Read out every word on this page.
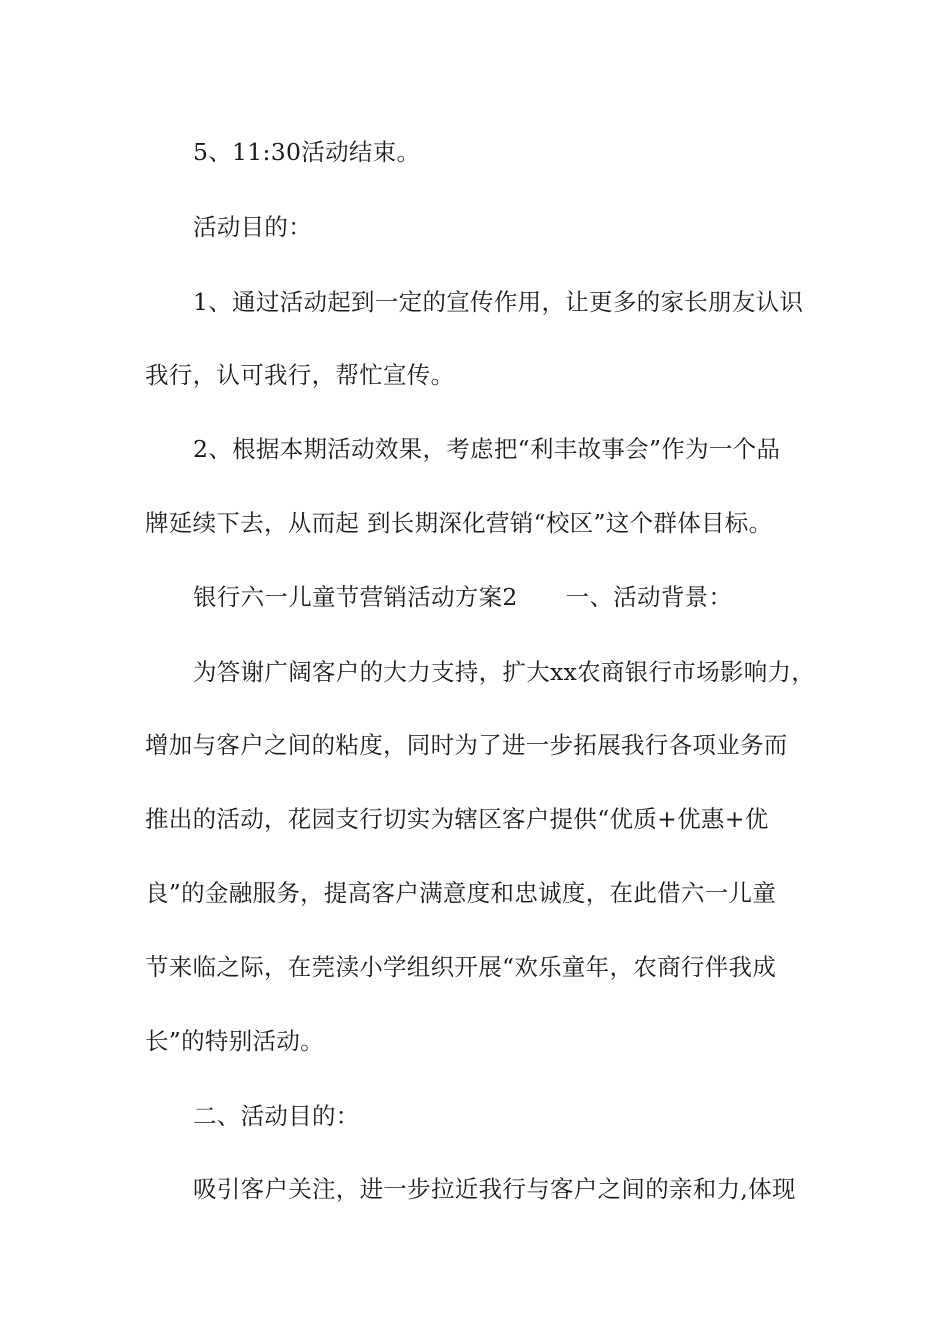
5、11:30活动结束。

活动目的：

1、通过活动起到一定的宣传作用，让更多的家长朋友认识

我行，认可我行，帮忙宣传。

2、根据本期活动效果，考虑把“利丰故事会”作为一个品

牌延续下去，从而起 到长期深化营销“校区”这个群体目标。

银行六一儿童节营销活动方案2 一、活动背景：

为答谢广阔客户的大力支持，扩大xx农商银行市场影响力，

增加与客户之间的粘度，同时为了进一步拓展我行各项业务而

推出的活动，花园支行切实为辖区客户提供“优质+优惠+优

良”的金融服务，提高客户满意度和忠诚度，在此借六一儿童

节来临之际，在莞渎小学组织开展“欢乐童年，农商行伴我成

长”的特别活动。

二、活动目的：

吸引客户关注，进一步拉近我行与客户之间的亲和力,体现
